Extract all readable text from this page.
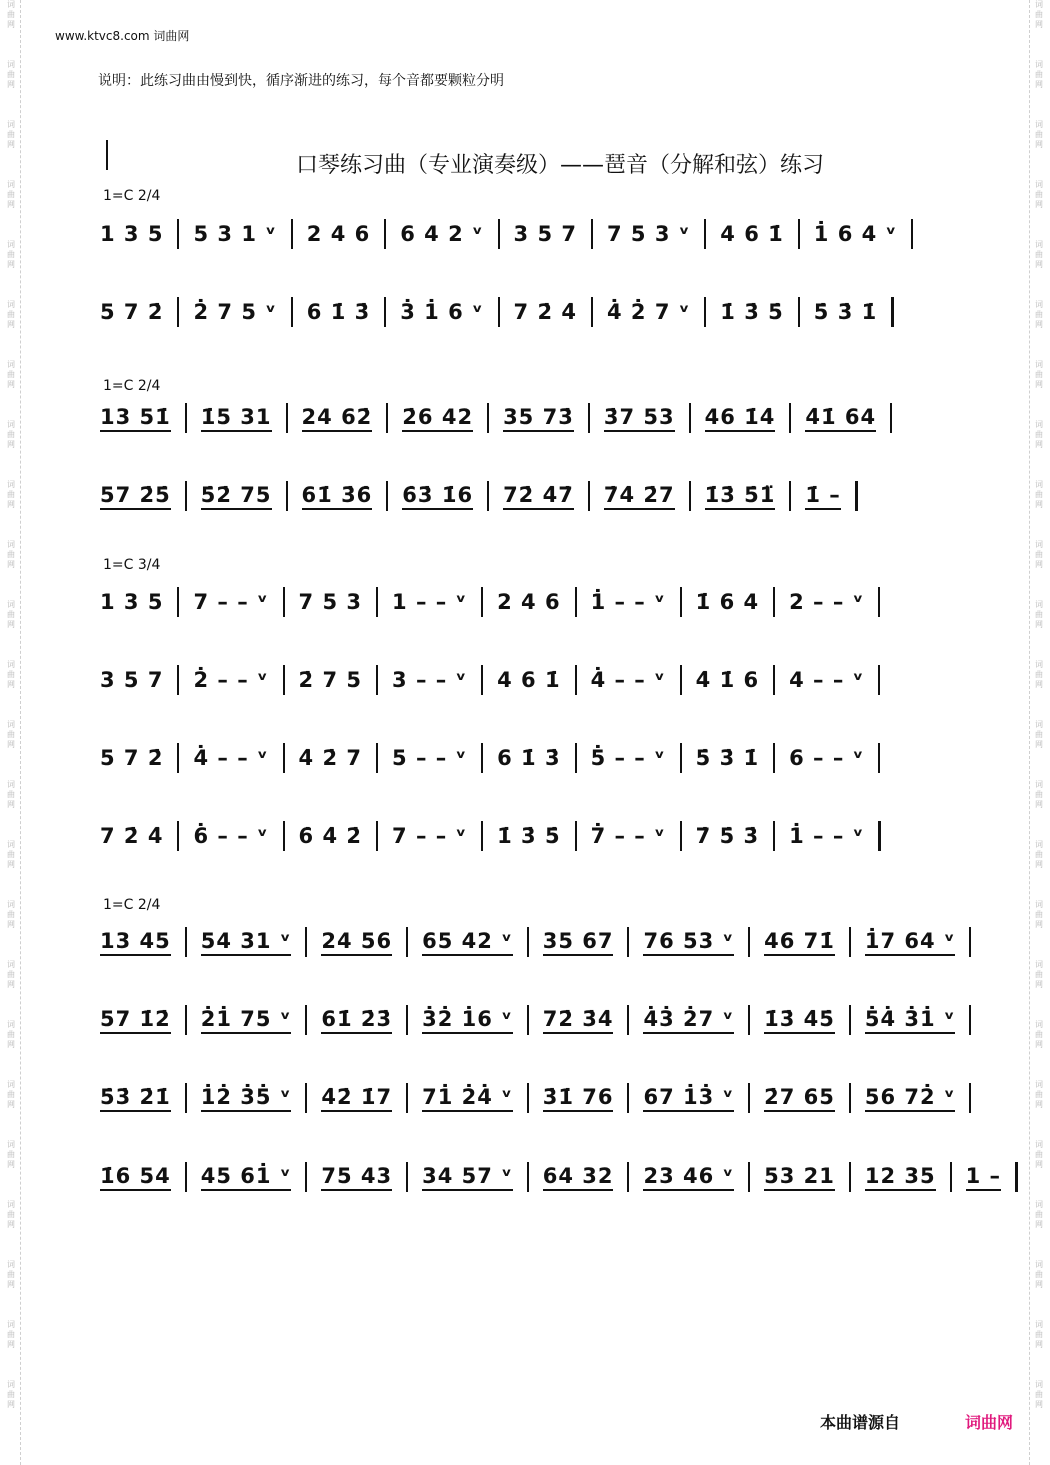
词
曲
网
词
曲
网
词
曲
网
词
曲
网
词
曲
网
词
曲
网
词
曲
网
词
曲
网
词
曲
网
词
曲
网
词
曲
网
词
曲
网
词
曲
网
词
曲
网
词
曲
网
词
曲
网
词
曲
网
词
曲
网
词
曲
网
词
曲
网
词
曲
网
词
曲
网
词
曲
网
词
曲
网
词
曲
网
词
曲
网
词
曲
网
词
曲
网
词
曲
网
词
曲
网
词
曲
网
词
曲
网
词
曲
网
词
曲
网
词
曲
网
词
曲
网
词
曲
网
词
曲
网
词
曲
网
词
曲
网
词
曲
网
词
曲
网
词
曲
网
词
曲
网
词
曲
网
词
曲
网
词
曲
网
词
曲
网
www.ktvc8.com 词曲网
说明：此练习曲由慢到快，循序渐进的练习，每个音都要颗粒分明
口琴练习曲（专业演奏级）——琶音（分解和弦）练习
1=C 2/4
1=C 2/4
1=C 3/4
1=C 2/4
1 3 5 5 3 1 ᵛ 2 4 6 6 4 2 ᵛ 3 5 7 7 5 3 ᵛ 4 6 1̇ 1̇ 6 4 ᵛ
5 7 2̇ 2̇ 7 5 ᵛ 6 1̇ 3̇ 3̇ 1̇ 6 ᵛ 7 2̇ 4̇ 4̇ 2̇ 7 ᵛ 1̇ 3̇ 5̇ 5̇ 3̇ 1̇
13 51̇ 1̇5 31 24 62̇ 2̇6 42 35 73̇ 3̇7 53 46 1̇4̇ 4̇1̇ 64
57 2̇5̇ 5̇2̇ 75 61̇ 3̇6̇ 6̇3̇ 1̇6 72̇ 4̇7̇ 7̇4̇ 2̇7 1̇3̇ 5̇1̈ 1̇ –
1 3 5 7 – – ᵛ 7 5 3 1 – – ᵛ 2 4 6 1̇ – – ᵛ 1̇ 6 4 2 – – ᵛ
3 5 7 2̇ – – ᵛ 2̇ 7 5 3 – – ᵛ 4 6 1̇ 4̇ – – ᵛ 4̇ 1̇ 6 4 – – ᵛ
5 7 2̇ 4̇ – – ᵛ 4̇ 2̇ 7 5 – – ᵛ 6 1̇ 3̇ 5̇ – – ᵛ 5̇ 3̇ 1̇ 6 – – ᵛ
7 2̇ 4̇ 6̇ – – ᵛ 6̇ 4̇ 2̇ 7 – – ᵛ 1̇ 3̇ 5̇ 7̇ – – ᵛ 7̇ 5̇ 3̇ 1̇ – – ᵛ
13 45 54 31 ᵛ 24 56 65 42 ᵛ 35 67 76 53 ᵛ 46 71̇ 1̇7 64 ᵛ
57 1̇2̇ 2̇1̇ 75 ᵛ 61̇ 2̇3̇ 3̇2̇ 1̇6 ᵛ 72̇ 3̇4̇ 4̇3̇ 2̇7 ᵛ 1̇3̇ 4̇5̇ 5̇4̇ 3̇1̇ ᵛ
5̇3̇ 2̇1̇ 1̇2̇ 3̇5̇ ᵛ 4̇2̇ 1̇7 71̇ 2̇4̇ ᵛ 3̇1̇ 76 67 1̇3̇ ᵛ 2̇7 65 56 72̇ ᵛ
1̇6 54 45 61̇ ᵛ 75 43 34 57 ᵛ 64 32 23 46 ᵛ 53 21 12 35 1 –
本曲谱源自	词曲网
